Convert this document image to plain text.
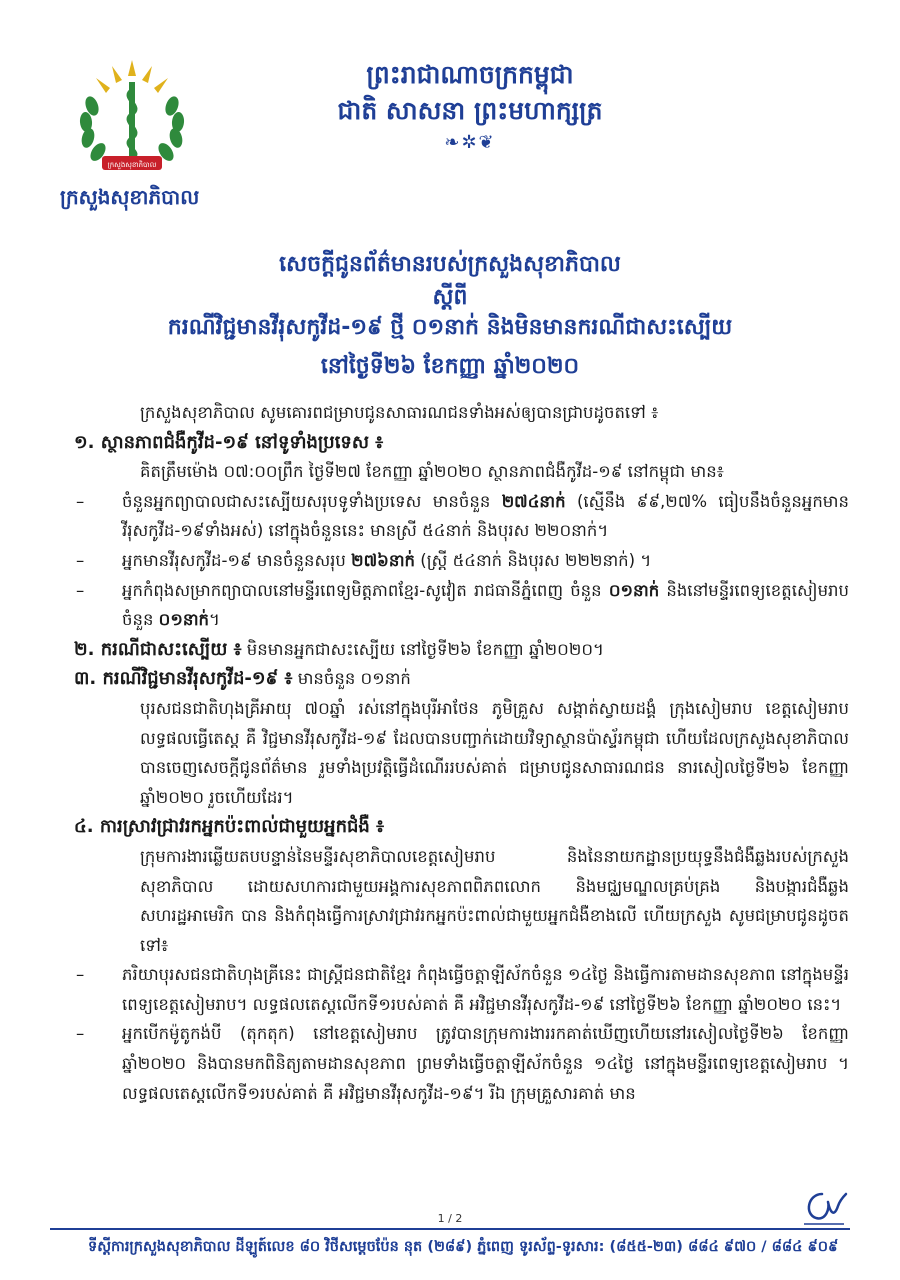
ក្រសួងសុខាភិបាល
ក្រសួងសុខាភិបាល
ព្រះរាជាណាចក្រកម្ពុជា
ជាតិ សាសនា ព្រះមហាក្សត្រ
❧✲❦
សេចក្ដីជូនព័ត៌មានរបស់ក្រសួងសុខាភិបាល
ស្ដីពី
ករណីវិជ្ជមានវីរុសកូវីដ-១៩ ថ្មី ០១នាក់ និងមិនមានករណីជាសះស្បើយ
នៅថ្ងៃទី២៦ ខែកញ្ញា ឆ្នាំ២០២០

ក្រសួងសុខាភិបាល សូមគោរពជម្រាបជូនសាធារណជនទាំងអស់ឲ្យបានជ្រាបដូចតទៅ ៖

១. ស្ថានភាពជំងឺកូវីដ-១៩ នៅទូទាំងប្រទេស ៖

គិតត្រឹមម៉ោង ០៧:០០ព្រឹក ថ្ងៃទី២៧ ខែកញ្ញា ឆ្នាំ២០២០ ស្ថានភាពជំងឺកូវីដ-១៩ នៅកម្ពុជា មាន៖

– ចំនួនអ្នកព្យាបាលជាសះស្បើយសរុបទូទាំងប្រទេស មានចំនួន ២៧៤នាក់ (ស្មើនឹង ៩៩,២៧% ធៀបនឹងចំនួនអ្នកមានវីរុសកូវីដ-១៩ទាំងអស់) នៅក្នុងចំនួននេះ មានស្រី ៥៤នាក់ និងបុរស ២២០នាក់។

– អ្នកមានវីរុសកូវីដ-១៩ មានចំនួនសរុប ២៧៦នាក់ (ស្ត្រី ៥៤នាក់ និងបុរស ២២២នាក់) ។

– អ្នកកំពុងសម្រាកព្យាបាលនៅមន្ទីរពេទ្យមិត្តភាពខ្មែរ-សូវៀត រាជធានីភ្នំពេញ ចំនួន ០១នាក់ និងនៅមន្ទីរពេទ្យខេត្តសៀមរាប ចំនួន ០១នាក់។

២. ករណីជាសះស្បើយ ៖ មិនមានអ្នកជាសះស្បើយ នៅថ្ងៃទី២៦ ខែកញ្ញា ឆ្នាំ២០២០។

៣. ករណីវិជ្ជមានវីរុសកូវីដ-១៩ ៖ មានចំនួន ០១នាក់

បុរសជនជាតិហុងគ្រីអាយុ ៧០ឆ្នាំ រស់នៅក្នុងបុរីអាថែន ភូមិគ្រួស សង្កាត់ស្វាយដង្គំ ក្រុងសៀមរាប ខេត្តសៀមរាប លទ្ធផលធ្វើតេស្ត គឺ វិជ្ជមានវីរុសកូវីដ-១៩ ដែលបានបញ្ជាក់ដោយវិទ្យាស្ថានប៉ាស្ទ័រកម្ពុជា ហើយដែលក្រសួងសុខាភិបាល បានចេញសេចក្តីជូនព័ត៌មាន រួមទាំងប្រវត្តិធ្វើដំណើររបស់គាត់ ជម្រាបជូនសាធារណជន នារសៀលថ្ងៃទី២៦ ខែកញ្ញា ឆ្នាំ២០២០ រួចហើយដែរ។

៤. ការស្រាវជ្រាវរកអ្នកប៉ះពាល់ជាមួយអ្នកជំងឺ ៖

ក្រុមការងារឆ្លើយតបបន្ទាន់នៃមន្ទីរសុខាភិបាលខេត្តសៀមរាប និងនៃនាយកដ្ឋានប្រយុទ្ធនឹងជំងឺឆ្លងរបស់ក្រសួងសុខាភិបាល ដោយសហការជាមួយអង្គការសុខភាពពិភពលោក និងមជ្ឈមណ្ឌលគ្រប់គ្រង និងបង្ការជំងឺឆ្លងសហរដ្ឋអាមេរិក បាន និងកំពុងធ្វើការស្រាវជ្រាវរកអ្នកប៉ះពាល់ជាមួយអ្នកជំងឺខាងលើ ហើយក្រសួង សូមជម្រាបជូនដូចតទៅ៖

– ភរិយាបុរសជនជាតិហុងគ្រីនេះ ជាស្ត្រីជនជាតិខ្មែរ កំពុងធ្វើចត្តាឡីស័កចំនួន ១៤ថ្ងៃ និងធ្វើការតាមដានសុខភាព នៅក្នុងមន្ទីរពេទ្យខេត្តសៀមរាប។ លទ្ធផលតេស្តលើកទី១របស់គាត់ គឺ អវិជ្ជមានវីរុសកូវីដ-១៩ នៅថ្ងៃទី២៦ ខែកញ្ញា ឆ្នាំ២០២០ នេះ។

– អ្នកបើកម៉ូតូកង់បី (តុកតុក) នៅខេត្តសៀមរាប ត្រូវបានក្រុមការងាររកគាត់ឃើញហើយនៅរសៀលថ្ងៃទី២៦ ខែកញ្ញា ឆ្នាំ២០២០ និងបានមកពិនិត្យតាមដានសុខភាព ព្រមទាំងធ្វើចត្តាឡីស័កចំនួន ១៤ថ្ងៃ នៅក្នុងមន្ទីរពេទ្យខេត្តសៀមរាប ។ លទ្ធផលតេស្តលើកទី១របស់គាត់ គឺ អវិជ្ជមានវីរុសកូវីដ-១៩។ រីឯ ក្រុមគ្រួសារគាត់ មាន

1 / 2
ទីស្តីការក្រសួងសុខាភិបាល ដីឡូត៍លេខ ៨០ វិថីសម្តេចប៉ែន នុត (២៨៩) ភ្នំពេញ ទូរស័ព្ទ-ទូរសារ: (៨៥៥-២៣) ៨៨៤ ៩៧០ / ៨៨៤ ៩០៩
